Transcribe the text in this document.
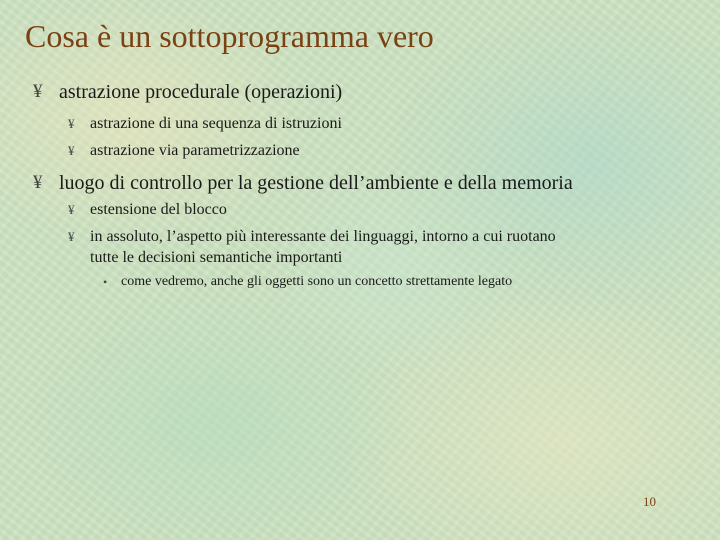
Cosa è un sottoprogramma vero
¥ astrazione procedurale (operazioni)
¥ astrazione di una sequenza di istruzioni
¥ astrazione via parametrizzazione
¥ luogo di controllo per la gestione dell’ambiente e della memoria
¥ estensione del blocco
¥ in assoluto, l’aspetto più interessante dei linguaggi, intorno a cui ruotano
tutte le decisioni semantiche importanti
• come vedremo, anche gli oggetti sono un concetto strettamente legato
10
